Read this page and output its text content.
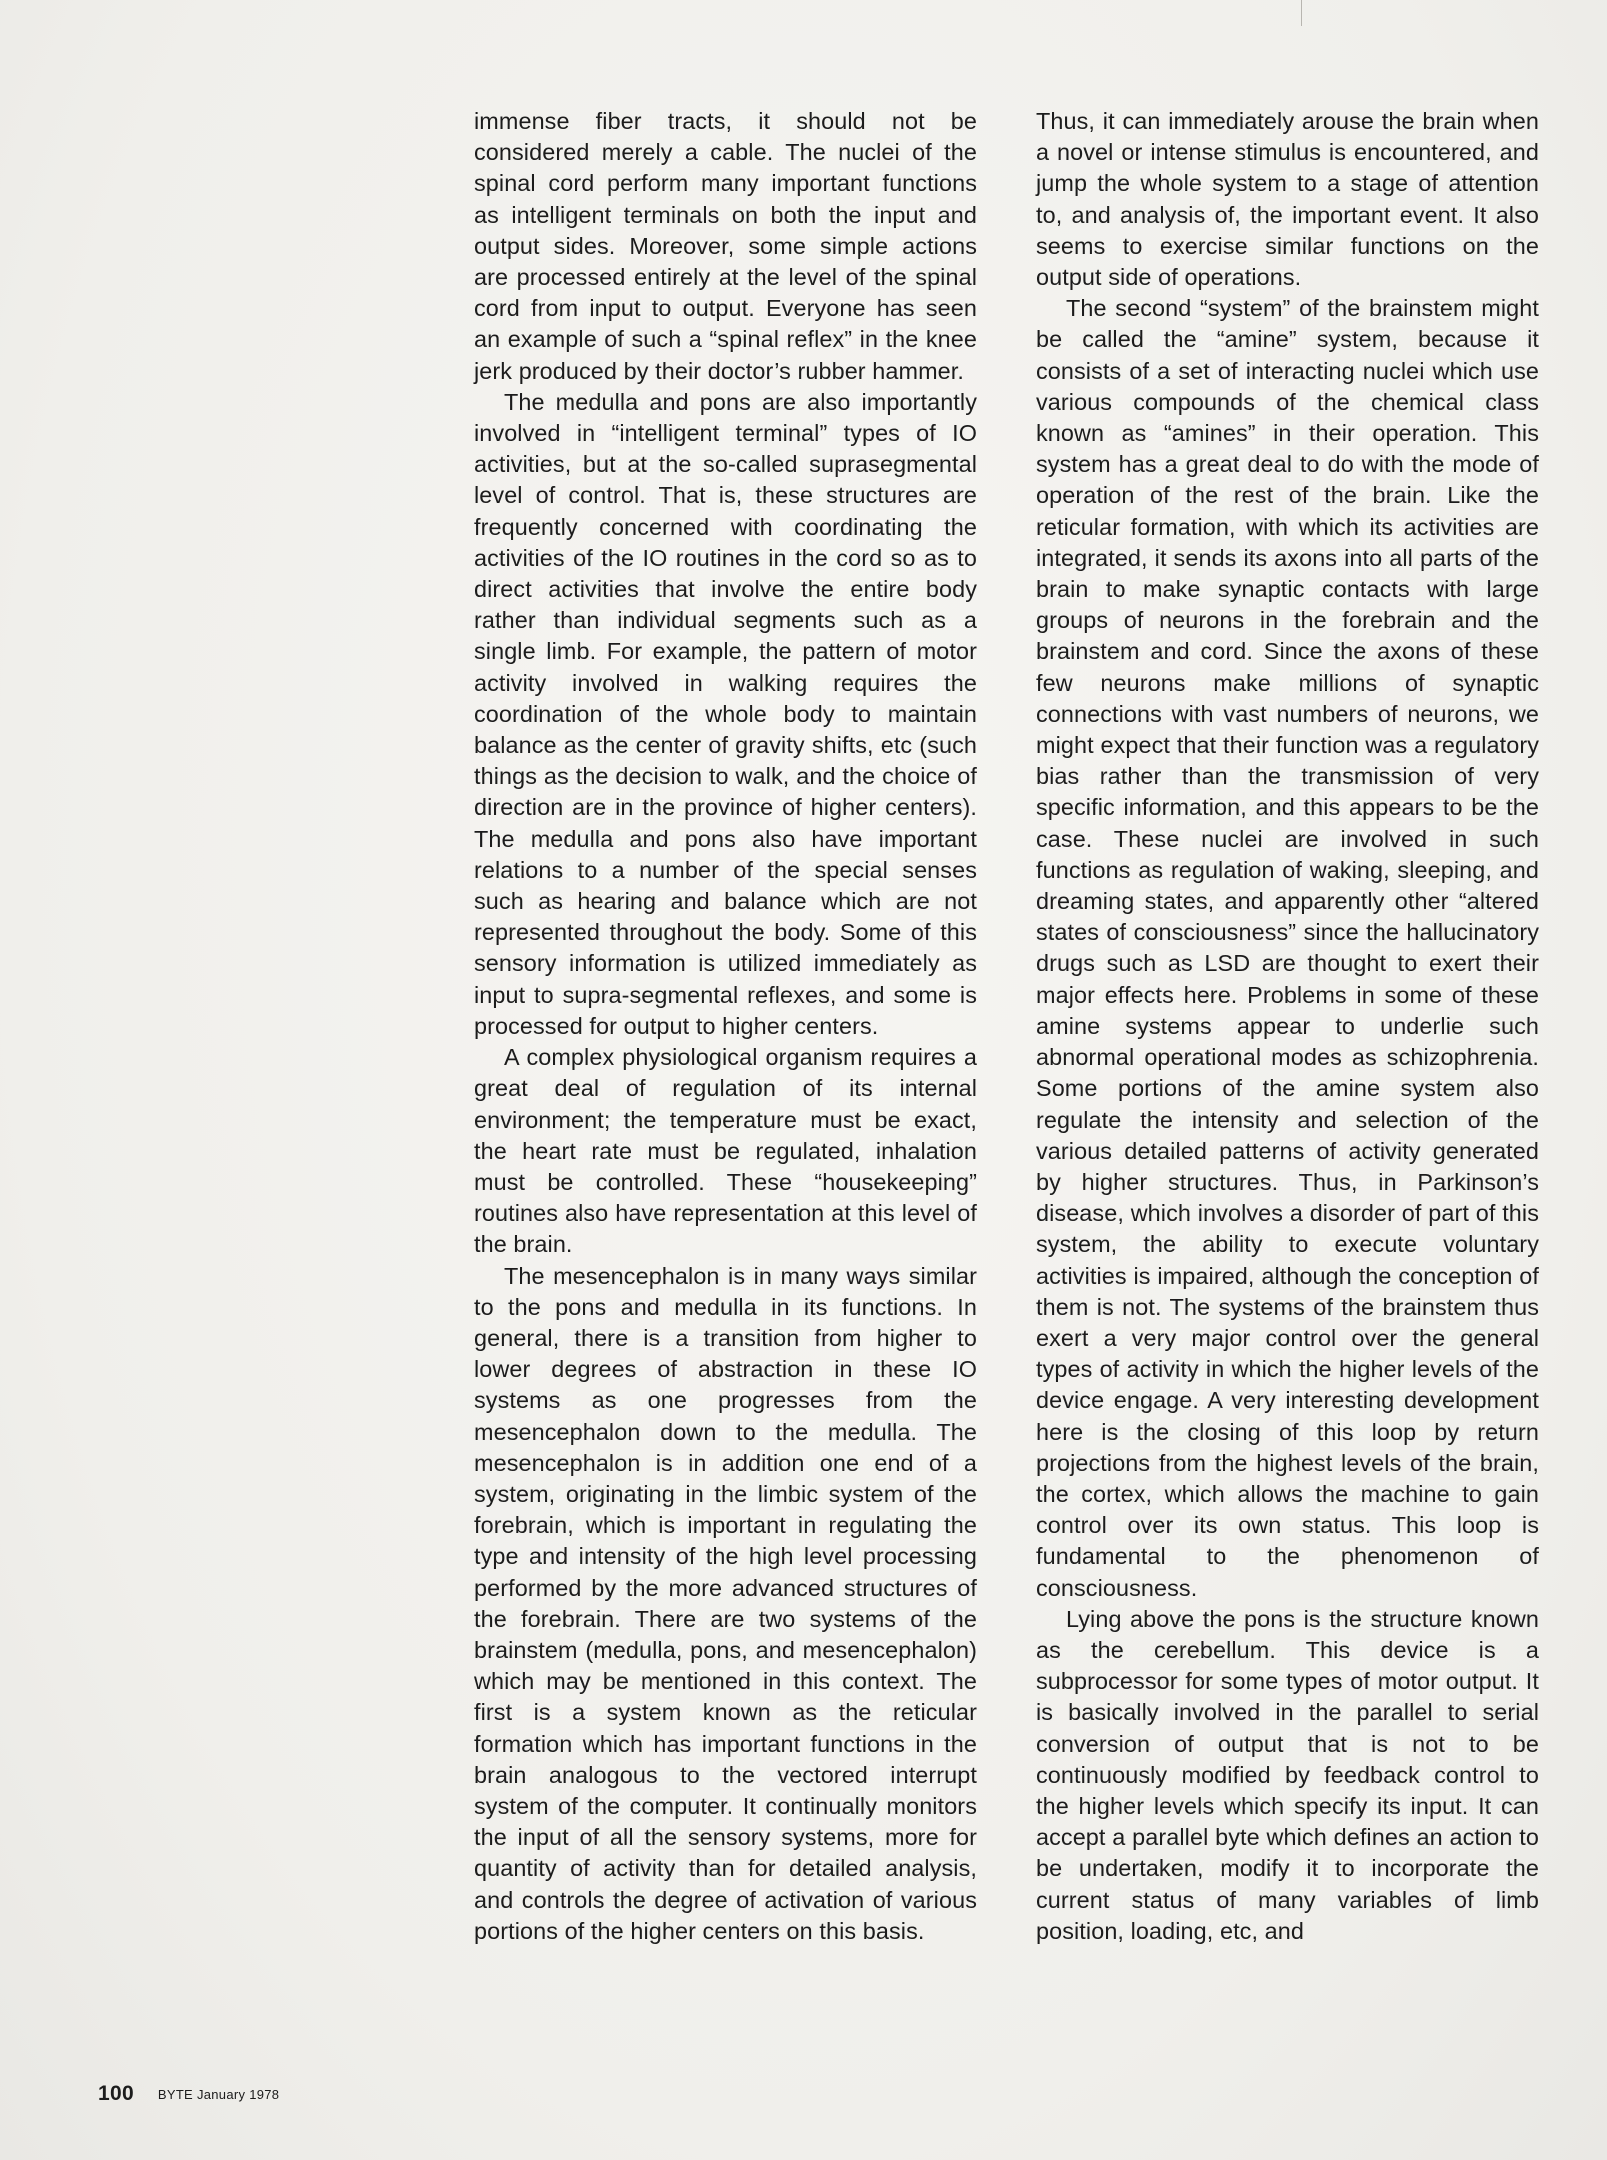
immense fiber tracts, it should not be considered merely a cable. The nuclei of the spinal cord perform many important functions as intelligent terminals on both the input and output sides. Moreover, some simple actions are processed entirely at the level of the spinal cord from input to output. Everyone has seen an example of such a “spinal reflex” in the knee jerk produced by their doctor’s rubber hammer.

The medulla and pons are also importantly involved in “intelligent terminal” types of IO activities, but at the so-called suprasegmental level of control. That is, these structures are frequently concerned with coordinating the activities of the IO routines in the cord so as to direct activities that involve the entire body rather than individual segments such as a single limb. For example, the pattern of motor activity involved in walking requires the coordination of the whole body to maintain balance as the center of gravity shifts, etc (such things as the decision to walk, and the choice of direction are in the province of higher centers). The medulla and pons also have important relations to a number of the special senses such as hearing and balance which are not represented throughout the body. Some of this sensory information is utilized immediately as input to supra-segmental reflexes, and some is processed for output to higher centers.

A complex physiological organism requires a great deal of regulation of its internal environment; the temperature must be exact, the heart rate must be regulated, inhalation must be controlled. These “housekeeping” routines also have representation at this level of the brain.

The mesencephalon is in many ways similar to the pons and medulla in its functions. In general, there is a transition from higher to lower degrees of abstraction in these IO systems as one progresses from the mesencephalon down to the medulla. The mesencephalon is in addition one end of a system, originating in the limbic system of the forebrain, which is important in regulating the type and intensity of the high level processing performed by the more advanced structures of the forebrain. There are two systems of the brainstem (medulla, pons, and mesencephalon) which may be mentioned in this context. The first is a system known as the reticular formation which has important functions in the brain analogous to the vectored interrupt system of the computer. It continually monitors the input of all the sensory systems, more for quantity of activity than for detailed analysis, and controls the degree of activation of various portions of the higher centers on this basis.

Thus, it can immediately arouse the brain when a novel or intense stimulus is encountered, and jump the whole system to a stage of attention to, and analysis of, the important event. It also seems to exercise similar functions on the output side of operations.

The second “system” of the brainstem might be called the “amine” system, because it consists of a set of interacting nuclei which use various compounds of the chemical class known as “amines” in their operation. This system has a great deal to do with the mode of operation of the rest of the brain. Like the reticular formation, with which its activities are integrated, it sends its axons into all parts of the brain to make synaptic contacts with large groups of neurons in the forebrain and the brainstem and cord. Since the axons of these few neurons make millions of synaptic connections with vast numbers of neurons, we might expect that their function was a regulatory bias rather than the transmission of very specific information, and this appears to be the case. These nuclei are involved in such functions as regulation of waking, sleeping, and dreaming states, and apparently other “altered states of consciousness” since the hallucinatory drugs such as LSD are thought to exert their major effects here. Problems in some of these amine systems appear to underlie such abnormal operational modes as schizophrenia. Some portions of the amine system also regulate the intensity and selection of the various detailed patterns of activity generated by higher structures. Thus, in Parkinson’s disease, which involves a disorder of part of this system, the ability to execute voluntary activities is impaired, although the conception of them is not. The systems of the brainstem thus exert a very major control over the general types of activity in which the higher levels of the device engage. A very interesting development here is the closing of this loop by return projections from the highest levels of the brain, the cortex, which allows the machine to gain control over its own status. This loop is fundamental to the phenomenon of consciousness.

Lying above the pons is the structure known as the cerebellum. This device is a subprocessor for some types of motor output. It is basically involved in the parallel to serial conversion of output that is not to be continuously modified by feedback control to the higher levels which specify its input. It can accept a parallel byte which defines an action to be undertaken, modify it to incorporate the current status of many variables of limb position, loading, etc, and

100 BYTE January 1978
